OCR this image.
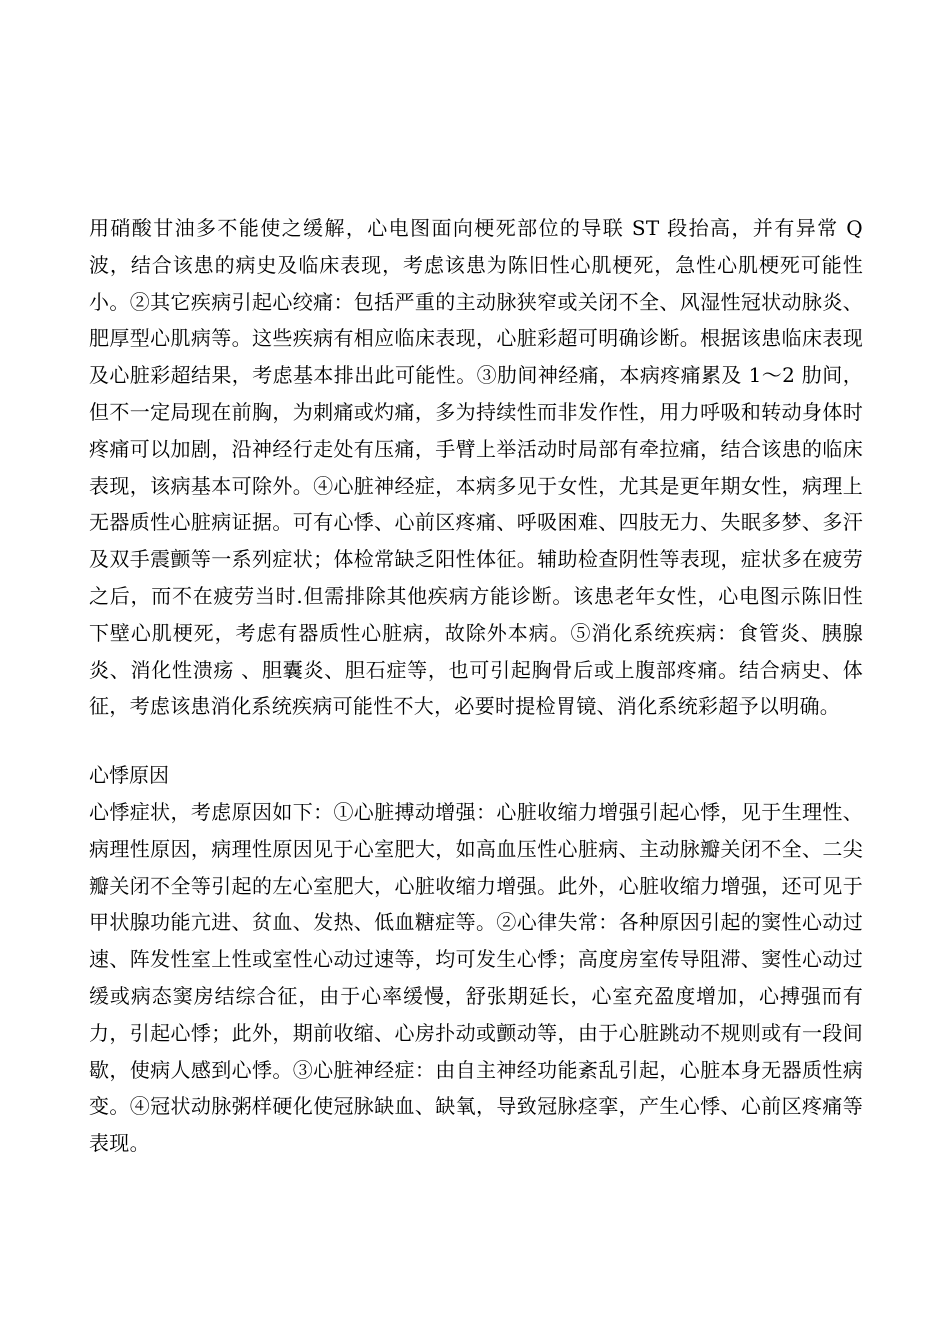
用硝酸甘油多不能使之缓解，心电图面向梗死部位的导联 ST 段抬高，并有异常 Q 波，结合该患的病史及临床表现，考虑该患为陈旧性心肌梗死，急性心肌梗死可能性小。②其它疾病引起心绞痛：包括严重的主动脉狭窄或关闭不全、风湿性冠状动脉炎、肥厚型心肌病等。这些疾病有相应临床表现，心脏彩超可明确诊断。根据该患临床表现及心脏彩超结果，考虑基本排出此可能性。③肋间神经痛，本病疼痛累及 1～2 肋间，但不一定局现在前胸，为刺痛或灼痛，多为持续性而非发作性，用力呼吸和转动身体时疼痛可以加剧，沿神经行走处有压痛，手臂上举活动时局部有牵拉痛，结合该患的临床表现，该病基本可除外。④心脏神经症，本病多见于女性，尤其是更年期女性，病理上无器质性心脏病证据。可有心悸、心前区疼痛、呼吸困难、四肢无力、失眠多梦、多汗及双手震颤等一系列症状；体检常缺乏阳性体征。辅助检查阴性等表现，症状多在疲劳之后，而不在疲劳当时.但需排除其他疾病方能诊断。该患老年女性，心电图示陈旧性下壁心肌梗死，考虑有器质性心脏病，故除外本病。⑤消化系统疾病：食管炎、胰腺炎、消化性溃疡 、胆囊炎、胆石症等，也可引起胸骨后或上腹部疼痛。结合病史、体征，考虑该患消化系统疾病可能性不大，必要时提检胃镜、消化系统彩超予以明确。

心悸原因

心悸症状，考虑原因如下：①心脏搏动增强：心脏收缩力增强引起心悸，见于生理性、病理性原因，病理性原因见于心室肥大，如高血压性心脏病、主动脉瓣关闭不全、二尖瓣关闭不全等引起的左心室肥大，心脏收缩力增强。此外，心脏收缩力增强，还可见于甲状腺功能亢进、贫血、发热、低血糖症等。②心律失常：各种原因引起的窦性心动过速、阵发性室上性或室性心动过速等，均可发生心悸；高度房室传导阻滞、窦性心动过缓或病态窦房结综合征，由于心率缓慢，舒张期延长，心室充盈度增加，心搏强而有力，引起心悸；此外，期前收缩、心房扑动或颤动等，由于心脏跳动不规则或有一段间歇，使病人感到心悸。③心脏神经症：由自主神经功能紊乱引起，心脏本身无器质性病变。④冠状动脉粥样硬化使冠脉缺血、缺氧，导致冠脉痉挛，产生心悸、心前区疼痛等表现。
